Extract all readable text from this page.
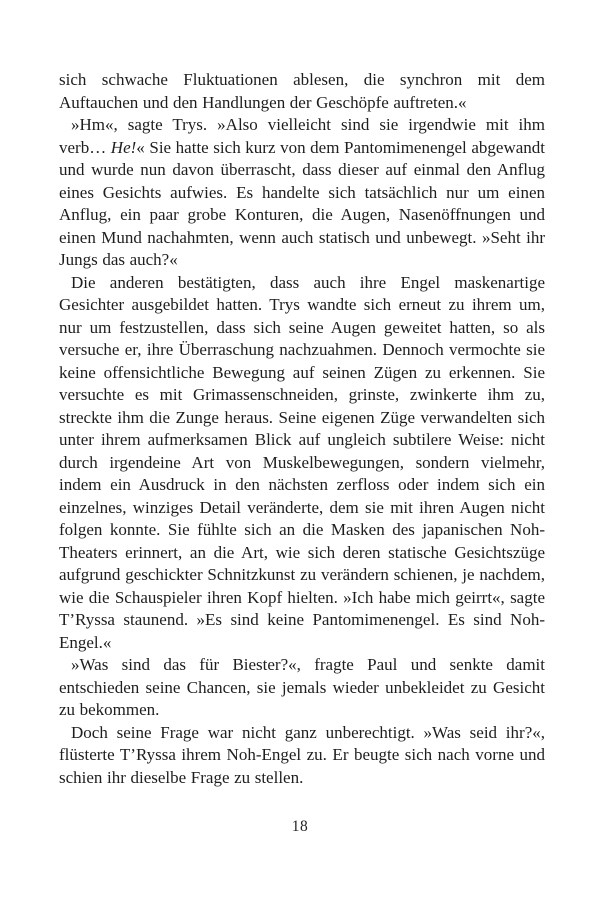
sich schwache Fluktuationen ablesen, die synchron mit dem Auftauchen und den Handlungen der Geschöpfe auftreten.«

»Hm«, sagte Trys. »Also vielleicht sind sie irgendwie mit ihm verb… He!« Sie hatte sich kurz von dem Pantomimenengel abgewandt und wurde nun davon überrascht, dass dieser auf einmal den Anflug eines Gesichts aufwies. Es handelte sich tatsächlich nur um einen Anflug, ein paar grobe Konturen, die Augen, Nasenöffnungen und einen Mund nachahmten, wenn auch statisch und unbewegt. »Seht ihr Jungs das auch?«

Die anderen bestätigten, dass auch ihre Engel maskenartige Gesichter ausgebildet hatten. Trys wandte sich erneut zu ihrem um, nur um festzustellen, dass sich seine Augen geweitet hatten, so als versuche er, ihre Überraschung nachzuahmen. Dennoch vermochte sie keine offensichtliche Bewegung auf seinen Zügen zu erkennen. Sie versuchte es mit Grimassenschneiden, grinste, zwinkerte ihm zu, streckte ihm die Zunge heraus. Seine eigenen Züge verwandelten sich unter ihrem aufmerksamen Blick auf ungleich subtilere Weise: nicht durch irgendeine Art von Muskelbewegungen, sondern vielmehr, indem ein Ausdruck in den nächsten zerfloss oder indem sich ein einzelnes, winziges Detail veränderte, dem sie mit ihren Augen nicht folgen konnte. Sie fühlte sich an die Masken des japanischen Noh-Theaters erinnert, an die Art, wie sich deren statische Gesichtszüge aufgrund geschickter Schnitzkunst zu verändern schienen, je nachdem, wie die Schauspieler ihren Kopf hielten. »Ich habe mich geirrt«, sagte T’Ryssa staunend. »Es sind keine Pantomimenengel. Es sind Noh-Engel.«

»Was sind das für Biester?«, fragte Paul und senkte damit entschieden seine Chancen, sie jemals wieder unbekleidet zu Gesicht zu bekommen.

Doch seine Frage war nicht ganz unberechtigt. »Was seid ihr?«, flüsterte T’Ryssa ihrem Noh-Engel zu. Er beugte sich nach vorne und schien ihr dieselbe Frage zu stellen.

18
